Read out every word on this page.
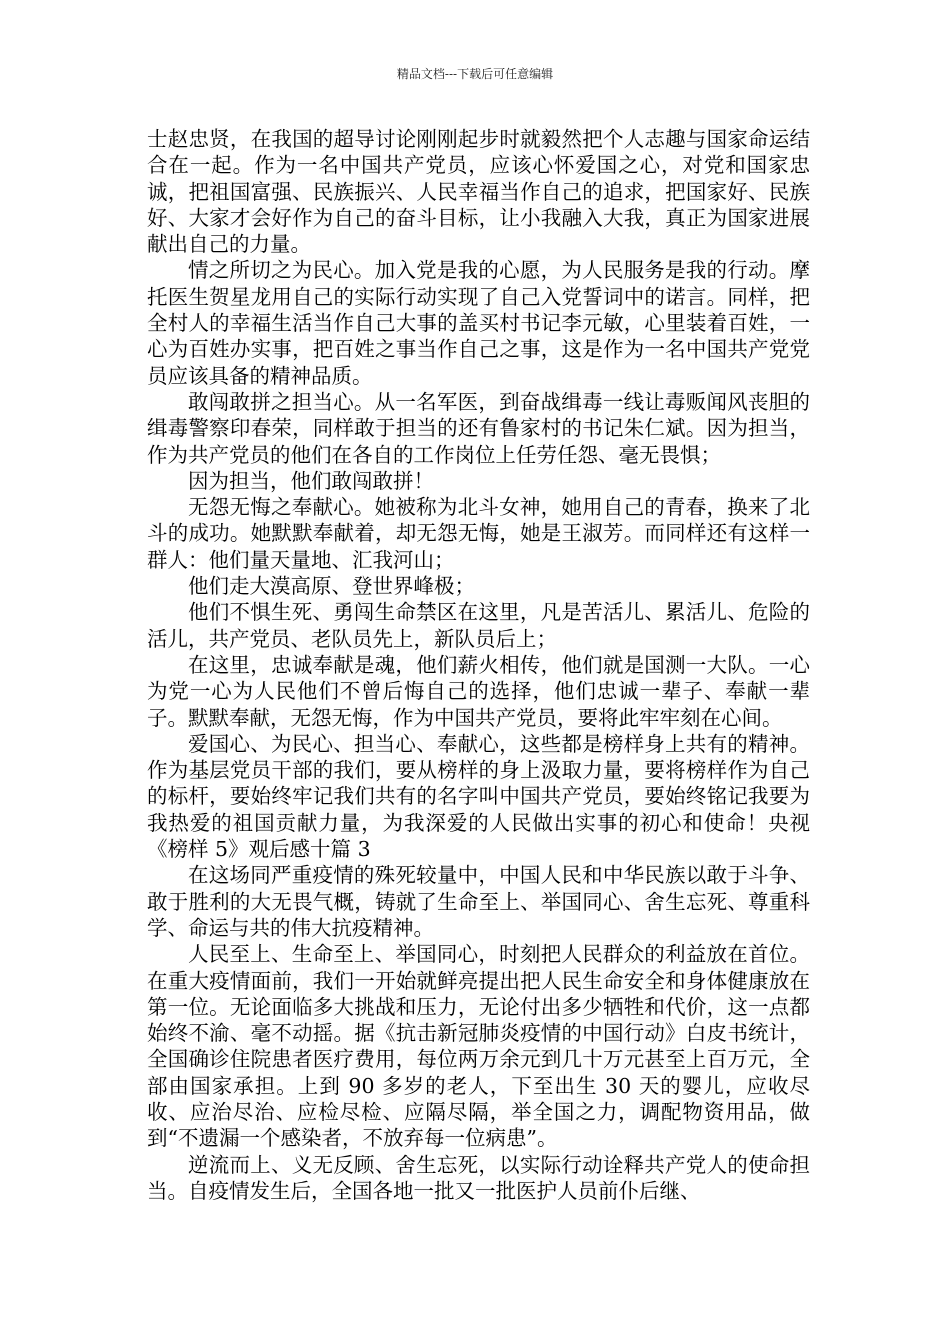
精品文档---下载后可任意编辑

士赵忠贤，在我国的超导讨论刚刚起步时就毅然把个人志趣与国家命运结合在一起。作为一名中国共产党员，应该心怀爱国之心，对党和国家忠诚，把祖国富强、民族振兴、人民幸福当作自己的追求，把国家好、民族好、大家才会好作为自己的奋斗目标，让小我融入大我，真正为国家进展献出自己的力量。

情之所切之为民心。加入党是我的心愿，为人民服务是我的行动。摩托医生贺星龙用自己的实际行动实现了自己入党誓词中的诺言。同样，把全村人的幸福生活当作自己大事的盖买村书记李元敏，心里装着百姓，一心为百姓办实事，把百姓之事当作自己之事，这是作为一名中国共产党党员应该具备的精神品质。

敢闯敢拼之担当心。从一名军医，到奋战缉毒一线让毒贩闻风丧胆的缉毒警察印春荣，同样敢于担当的还有鲁家村的书记朱仁斌。因为担当，作为共产党员的他们在各自的工作岗位上任劳任怨、毫无畏惧；

因为担当，他们敢闯敢拼！

无怨无悔之奉献心。她被称为北斗女神，她用自己的青春，换来了北斗的成功。她默默奉献着，却无怨无悔，她是王淑芳。而同样还有这样一群人：他们量天量地、汇我河山；

他们走大漠高原、登世界峰极；

他们不惧生死、勇闯生命禁区在这里，凡是苦活儿、累活儿、危险的活儿，共产党员、老队员先上，新队员后上；

在这里，忠诚奉献是魂，他们薪火相传，他们就是国测一大队。一心为党一心为人民他们不曾后悔自己的选择，他们忠诚一辈子、奉献一辈子。默默奉献，无怨无悔，作为中国共产党员，要将此牢牢刻在心间。

爱国心、为民心、担当心、奉献心，这些都是榜样身上共有的精神。作为基层党员干部的我们，要从榜样的身上汲取力量，要将榜样作为自己的标杆，要始终牢记我们共有的名字叫中国共产党员，要始终铭记我要为我热爱的祖国贡献力量，为我深爱的人民做出实事的初心和使命！央视《榜样 5》观后感十篇 3

在这场同严重疫情的殊死较量中，中国人民和中华民族以敢于斗争、敢于胜利的大无畏气概，铸就了生命至上、举国同心、舍生忘死、尊重科学、命运与共的伟大抗疫精神。

人民至上、生命至上、举国同心，时刻把人民群众的利益放在首位。在重大疫情面前，我们一开始就鲜亮提出把人民生命安全和身体健康放在第一位。无论面临多大挑战和压力，无论付出多少牺牲和代价，这一点都始终不渝、毫不动摇。据《抗击新冠肺炎疫情的中国行动》白皮书统计，全国确诊住院患者医疗费用，每位两万余元到几十万元甚至上百万元，全部由国家承担。上到 90 多岁的老人，下至出生 30 天的婴儿，应收尽收、应治尽治、应检尽检、应隔尽隔，举全国之力，调配物资用品，做到“不遗漏一个感染者，不放弃每一位病患”。

逆流而上、义无反顾、舍生忘死，以实际行动诠释共产党人的使命担当。自疫情发生后，全国各地一批又一批医护人员前仆后继、
